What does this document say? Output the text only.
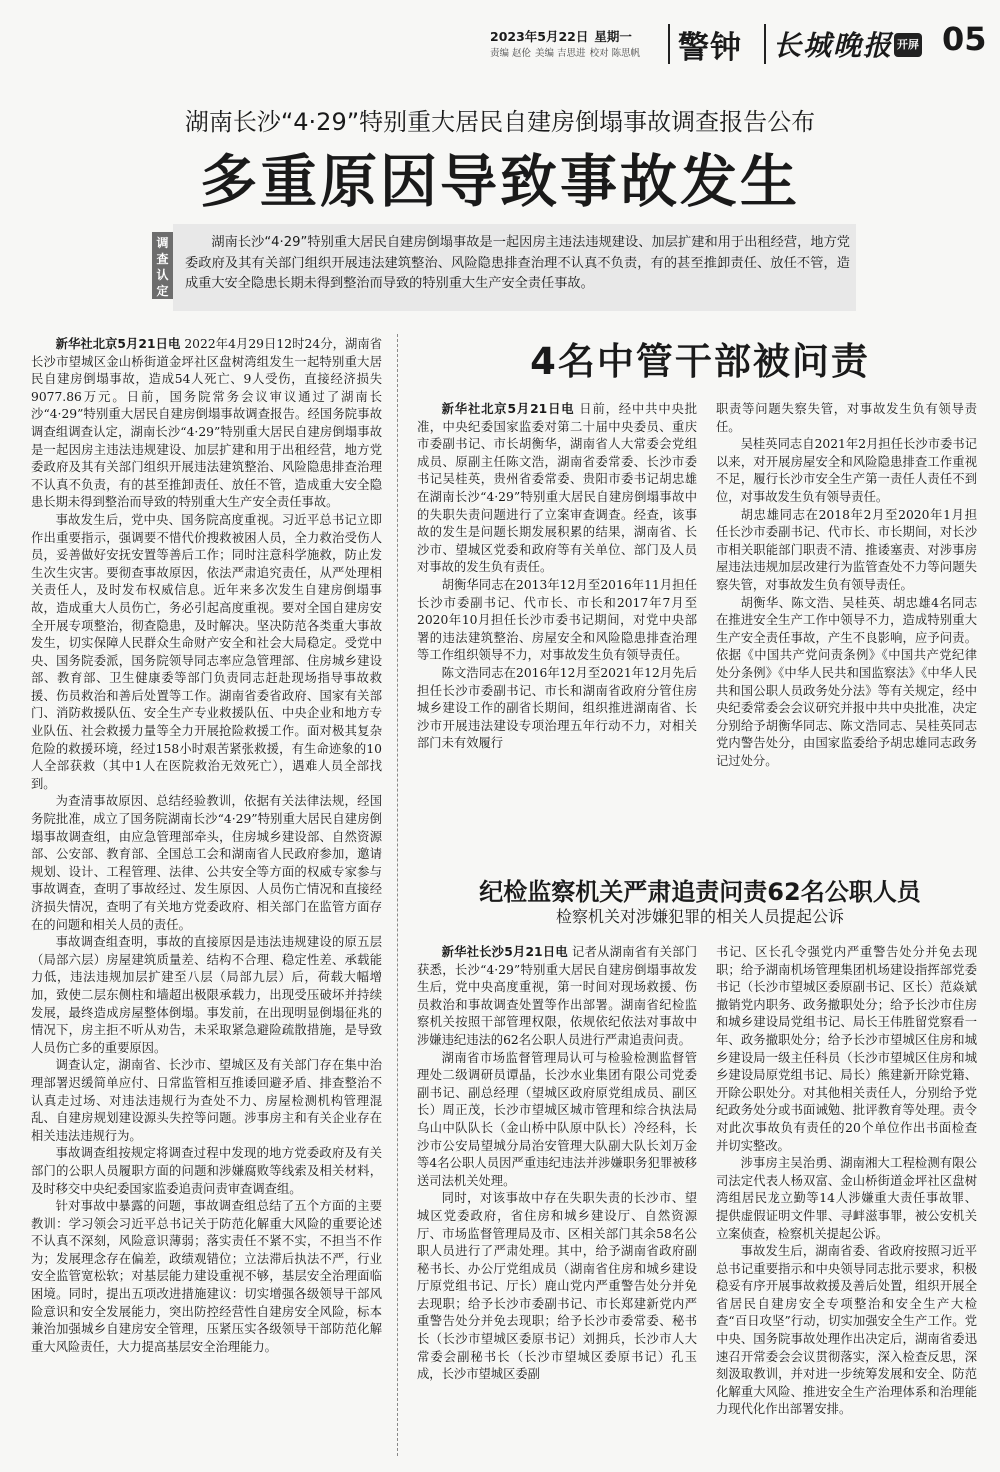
2023年5月22日 星期一
责编 赵伦 美编 吉思进 校对 陈思帆	警钟 长城晚报 开屏 05
湖南长沙“4·29”特别重大居民自建房倒塌事故调查报告公布
多重原因导致事故发生
调
查
认
定
湖南长沙“4·29”特别重大居民自建房倒塌事故是一起因房主违法违规建设、加层扩建和用于出租经营，地方党委政府及其有关部门组织开展违法建筑整治、风险隐患排查治理不认真不负责，有的甚至推卸责任、放任不管，造成重大安全隐患长期未得到整治而导致的特别重大生产安全责任事故。

新华社北京5月21日电 2022年4月29日12时24分，湖南省长沙市望城区金山桥街道金坪社区盘树湾组发生一起特别重大居民自建房倒塌事故，造成54人死亡、9人受伤，直接经济损失9077.86万元。日前，国务院常务会议审议通过了湖南长沙“4·29”特别重大居民自建房倒塌事故调查报告。经国务院事故调查组调查认定，湖南长沙“4·29”特别重大居民自建房倒塌事故是一起因房主违法违规建设、加层扩建和用于出租经营，地方党委政府及其有关部门组织开展违法建筑整治、风险隐患排查治理不认真不负责，有的甚至推卸责任、放任不管，造成重大安全隐患长期未得到整治而导致的特别重大生产安全责任事故。

事故发生后，党中央、国务院高度重视。习近平总书记立即作出重要指示，强调要不惜代价搜救被困人员，全力救治受伤人员，妥善做好安抚安置等善后工作；同时注意科学施救，防止发生次生灾害。要彻查事故原因，依法严肃追究责任，从严处理相关责任人，及时发布权威信息。近年来多次发生自建房倒塌事故，造成重大人员伤亡，务必引起高度重视。要对全国自建房安全开展专项整治，彻查隐患，及时解决。坚决防范各类重大事故发生，切实保障人民群众生命财产安全和社会大局稳定。受党中央、国务院委派，国务院领导同志率应急管理部、住房城乡建设部、教育部、卫生健康委等部门负责同志赶赴现场指导事故救援、伤员救治和善后处置等工作。湖南省委省政府、国家有关部门、消防救援队伍、安全生产专业救援队伍、中央企业和地方专业队伍、社会救援力量等全力开展抢险救援工作。面对极其复杂危险的救援环境，经过158小时艰苦紧张救援，有生命迹象的10人全部获救（其中1人在医院救治无效死亡），遇难人员全部找到。

为查清事故原因、总结经验教训，依据有关法律法规，经国务院批准，成立了国务院湖南长沙“4·29”特别重大居民自建房倒塌事故调查组，由应急管理部牵头，住房城乡建设部、自然资源部、公安部、教育部、全国总工会和湖南省人民政府参加，邀请规划、设计、工程管理、法律、公共安全等方面的权威专家参与事故调查，查明了事故经过、发生原因、人员伤亡情况和直接经济损失情况，查明了有关地方党委政府、相关部门在监管方面存在的问题和相关人员的责任。

事故调查组查明，事故的直接原因是违法违规建设的原五层（局部六层）房屋建筑质量差、结构不合理、稳定性差、承载能力低，违法违规加层扩建至八层（局部九层）后，荷载大幅增加，致使二层东侧柱和墙超出极限承载力，出现受压破坏并持续发展，最终造成房屋整体倒塌。事发前，在出现明显倒塌征兆的情况下，房主拒不听从劝告，未采取紧急避险疏散措施，是导致人员伤亡多的重要原因。

调查认定，湖南省、长沙市、望城区及有关部门存在集中治理部署迟缓简单应付、日常监管相互推诿回避矛盾、排查整治不认真走过场、对违法违规行为查处不力、房屋检测机构管理混乱、自建房规划建设源头失控等问题。涉事房主和有关企业存在相关违法违规行为。

事故调查组按规定将调查过程中发现的地方党委政府及有关部门的公职人员履职方面的问题和涉嫌腐败等线索及相关材料，及时移交中央纪委国家监委追责问责审查调查组。

针对事故中暴露的问题，事故调查组总结了五个方面的主要教训：学习领会习近平总书记关于防范化解重大风险的重要论述不认真不深刻，风险意识薄弱；落实责任不紧不实，不担当不作为；发展理念存在偏差，政绩观错位；立法滞后执法不严，行业安全监管宽松软；对基层能力建设重视不够，基层安全治理面临困境。同时，提出五项改进措施建议：切实增强各级领导干部风险意识和安全发展能力，突出防控经营性自建房安全风险，标本兼治加强城乡自建房安全管理，压紧压实各级领导干部防范化解重大风险责任，大力提高基层安全治理能力。

4名中管干部被问责

新华社北京5月21日电 日前，经中共中央批准，中央纪委国家监委对第二十届中央委员、重庆市委副书记、市长胡衡华，湖南省人大常委会党组成员、原副主任陈文浩，湖南省委常委、长沙市委书记吴桂英，贵州省委常委、贵阳市委书记胡忠雄在湖南长沙“4·29”特别重大居民自建房倒塌事故中的失职失责问题进行了立案审查调查。经查，该事故的发生是问题长期发展积累的结果，湖南省、长沙市、望城区党委和政府等有关单位、部门及人员对事故的发生负有责任。

胡衡华同志在2013年12月至2016年11月担任长沙市委副书记、代市长、市长和2017年7月至2020年10月担任长沙市委书记期间，对党中央部署的违法建筑整治、房屋安全和风险隐患排查治理等工作组织领导不力，对事故发生负有领导责任。

陈文浩同志在2016年12月至2021年12月先后担任长沙市委副书记、市长和湖南省政府分管住房城乡建设工作的副省长期间，组织推进湖南省、长沙市开展违法建设专项治理五年行动不力，对相关部门未有效履行

职责等问题失察失管，对事故发生负有领导责任。

吴桂英同志自2021年2月担任长沙市委书记以来，对开展房屋安全和风险隐患排查工作重视不足，履行长沙市安全生产第一责任人责任不到位，对事故发生负有领导责任。

胡忠雄同志在2018年2月至2020年1月担任长沙市委副书记、代市长、市长期间，对长沙市相关职能部门职责不清、推诿塞责、对涉事房屋违法违规加层改建行为监管查处不力等问题失察失管，对事故发生负有领导责任。

胡衡华、陈文浩、吴桂英、胡忠雄4名同志在推进安全生产工作中领导不力，造成特别重大生产安全责任事故，产生不良影响，应予问责。依据《中国共产党问责条例》《中国共产党纪律处分条例》《中华人民共和国监察法》《中华人民共和国公职人员政务处分法》等有关规定，经中央纪委常委会会议研究并报中共中央批准，决定分别给予胡衡华同志、陈文浩同志、吴桂英同志党内警告处分，由国家监委给予胡忠雄同志政务记过处分。

纪检监察机关严肃追责问责62名公职人员
检察机关对涉嫌犯罪的相关人员提起公诉

新华社长沙5月21日电 记者从湖南省有关部门获悉，长沙“4·29”特别重大居民自建房倒塌事故发生后，党中央高度重视，第一时间对现场救援、伤员救治和事故调查处置等作出部署。湖南省纪检监察机关按照干部管理权限，依规依纪依法对事故中涉嫌违纪违法的62名公职人员进行严肃追责问责。

湖南省市场监督管理局认可与检验检测监督管理处二级调研员谭晶，长沙水业集团有限公司党委副书记、副总经理（望城区政府原党组成员、副区长）周正茂，长沙市望城区城市管理和综合执法局乌山中队队长（金山桥中队原中队长）冷经科，长沙市公安局望城分局治安管理大队副大队长刘万金等4名公职人员因严重违纪违法并涉嫌职务犯罪被移送司法机关处理。

同时，对该事故中存在失职失责的长沙市、望城区党委政府，省住房和城乡建设厅、自然资源厅、市场监督管理局及市、区相关部门其余58名公职人员进行了严肃处理。其中，给予湖南省政府副秘书长、办公厅党组成员（湖南省住房和城乡建设厅原党组书记、厅长）鹿山党内严重警告处分并免去现职；给予长沙市委副书记、市长郑建新党内严重警告处分并免去现职；给予长沙市委常委、秘书长（长沙市望城区委原书记）刘拥兵，长沙市人大常委会副秘书长（长沙市望城区委原书记）孔玉成，长沙市望城区委副

书记、区长孔令强党内严重警告处分并免去现职；给予湖南机场管理集团机场建设指挥部党委书记（长沙市望城区委原副书记、区长）范焱斌撤销党内职务、政务撤职处分；给予长沙市住房和城乡建设局党组书记、局长王伟胜留党察看一年、政务撤职处分；给予长沙市望城区住房和城乡建设局一级主任科员（长沙市望城区住房和城乡建设局原党组书记、局长）熊建新开除党籍、开除公职处分。对其他相关责任人，分别给予党纪政务处分或书面诫勉、批评教育等处理。责令对此次事故负有责任的20个单位作出书面检查并切实整改。

涉事房主吴治勇、湖南湘大工程检测有限公司法定代表人杨双富、金山桥街道金坪社区盘树湾组居民龙立勤等14人涉嫌重大责任事故罪、提供虚假证明文件罪、寻衅滋事罪，被公安机关立案侦查，检察机关提起公诉。

事故发生后，湖南省委、省政府按照习近平总书记重要指示和中央领导同志批示要求，积极稳妥有序开展事故救援及善后处置，组织开展全省居民自建房安全专项整治和安全生产大检查“百日攻坚”行动，切实加强安全生产工作。党中央、国务院事故处理作出决定后，湖南省委迅速召开常委会会议贯彻落实，深入检查反思，深刻汲取教训，并对进一步统筹发展和安全、防范化解重大风险、推进安全生产治理体系和治理能力现代化作出部署安排。
